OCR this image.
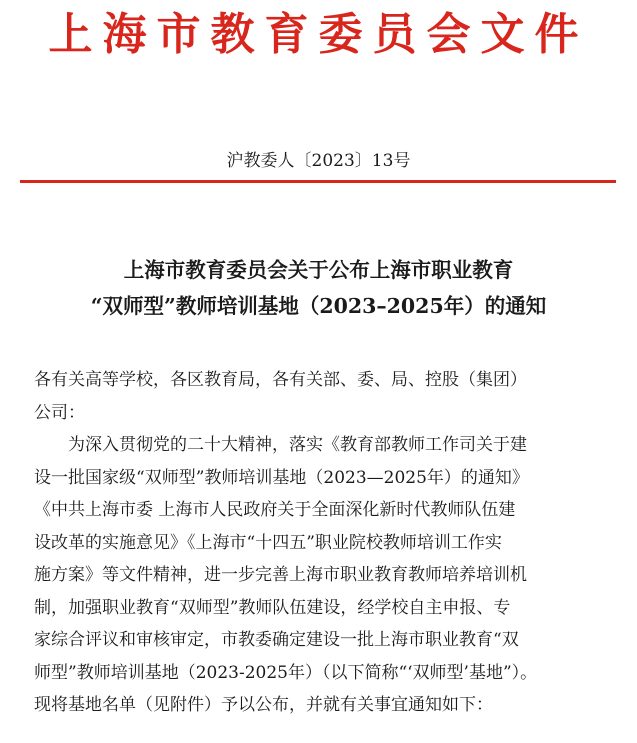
上海市教育委员会文件
沪教委人〔2023〕13号
上海市教育委员会关于公布上海市职业教育
“双师型”教师培训基地（2023–2025年）的通知

各有关高等学校，各区教育局，各有关部、委、局、控股（集团）
公司：

为深入贯彻党的二十大精神，落实《教育部教师工作司关于建
设一批国家级“双师型”教师培训基地（2023—2025年）的通知》
《中共上海市委 上海市人民政府关于全面深化新时代教师队伍建
设改革的实施意见》《上海市“十四五”职业院校教师培训工作实
施方案》等文件精神，进一步完善上海市职业教育教师培养培训机
制，加强职业教育“双师型”教师队伍建设，经学校自主申报、专
家综合评议和审核审定，市教委确定建设一批上海市职业教育“双
师型”教师培训基地（2023-2025年）（以下简称“‘双师型’基地”）。
现将基地名单（见附件）予以公布，并就有关事宜通知如下：
